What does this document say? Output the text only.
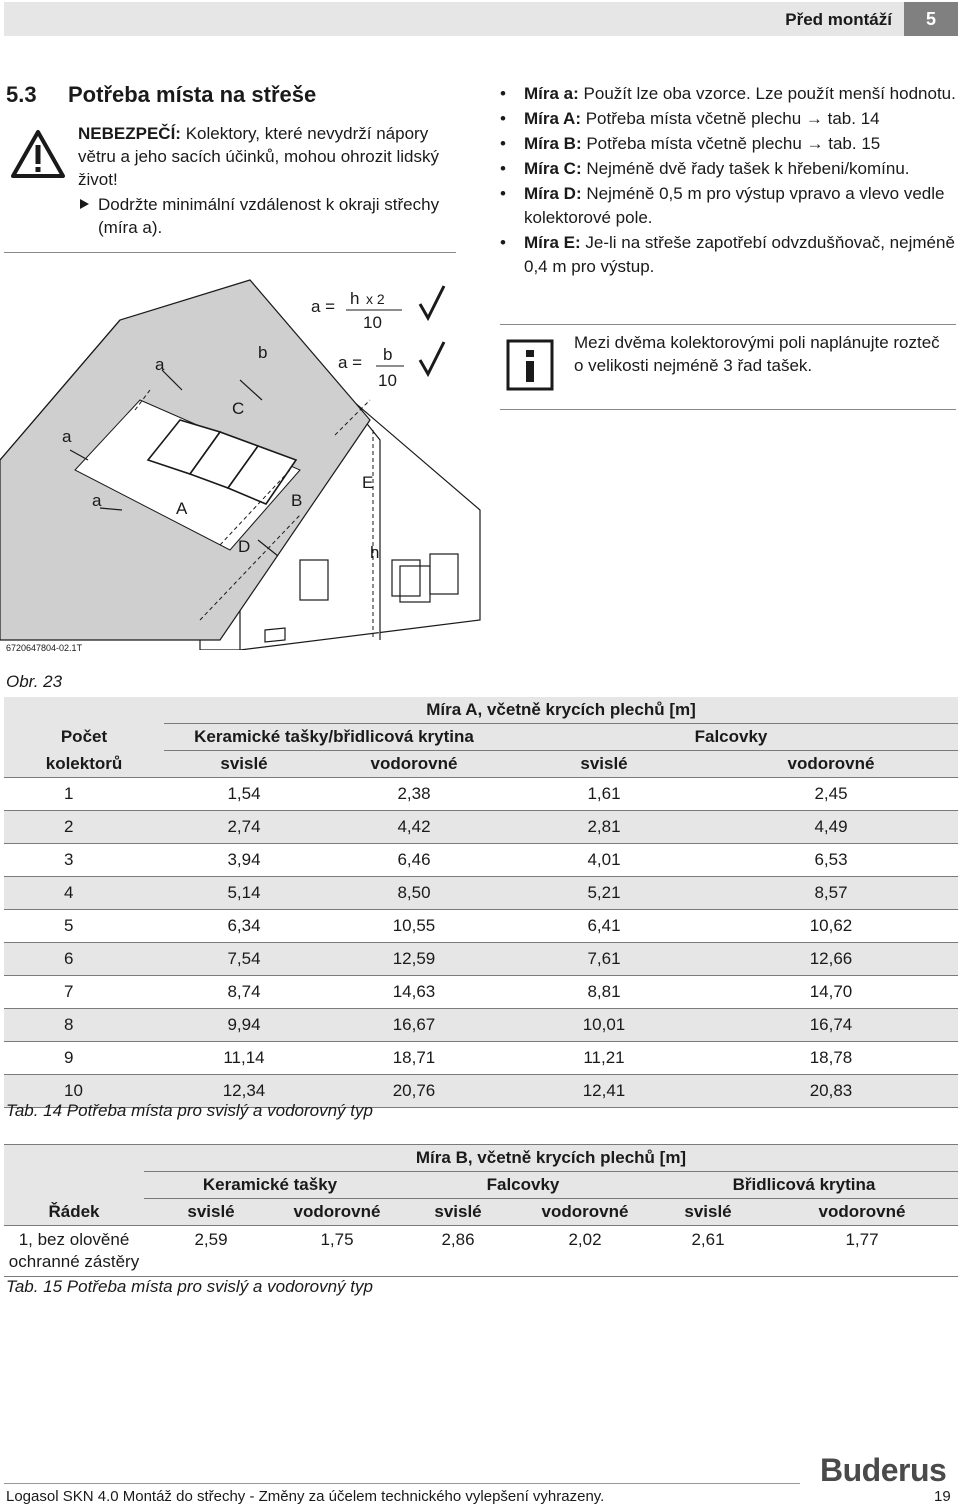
Před montáží	5
5.3 Potřeba místa na střeše
NEBEZPEČÍ: Kolektory, které nevydrží nápory větru a jeho sacích účinků, mohou ohrozit lidský život!
Dodržte minimální vzdálenost k okraji střechy (míra a).
• Míra a: Použít lze oba vzorce. Lze použít menší hodnotu.
• Míra A: Potřeba místa včetně plechu → tab. 14
• Míra B: Potřeba místa včetně plechu → tab. 15
• Míra C: Nejméně dvě řady tašek k hřebeni/komínu.
• Míra D: Nejméně 0,5 m pro výstup vpravo a vlevo vedle kolektorové pole.
• Míra E: Je-li na střeše zapotřebí odvzdušňovač, nejméně 0,4 m pro výstup.
Mezi dvěma kolektorovými poli naplánujte rozteč o velikosti nejméně 3 řad tašek.
a
b
C
a
a	A	B
D
E
h
a = h x 2
10
a = b
10
6720647804-02.1T
Obr. 23
	Míra A, včetně krycích plechů [m]			
Počet	Keramické tašky/břidlicová krytina		Falcovky	
kolektorů	svislé	vodorovné	svislé	vodorovné
1	1,54	2,38	1,61	2,45
2	2,74	4,42	2,81	4,49
3	3,94	6,46	4,01	6,53
4	5,14	8,50	5,21	8,57
5	6,34	10,55	6,41	10,62
6	7,54	12,59	7,61	12,66
7	8,74	14,63	8,81	14,70
8	9,94	16,67	10,01	16,74
9	11,14	18,71	11,21	18,78
10	12,34	20,76	12,41	20,83
Tab. 14 Potřeba místa pro svislý a vodorovný typ
	Míra B, včetně krycích plechů [m]					
	Keramické tašky		Falcovky		Břidlicová krytina	
Řádek	svislé	vodorovné	svislé	vodorovné	svislé	vodorovné

1, bez olověné
ochranné zástěry	2,59	1,75	2,86	2,02	2,61	1,77
Tab. 15 Potřeba místa pro svislý a vodorovný typ
Buderus
Logasol SKN 4.0 Montáž do střechy - Změny za účelem technického vylepšení vyhrazeny.	19
